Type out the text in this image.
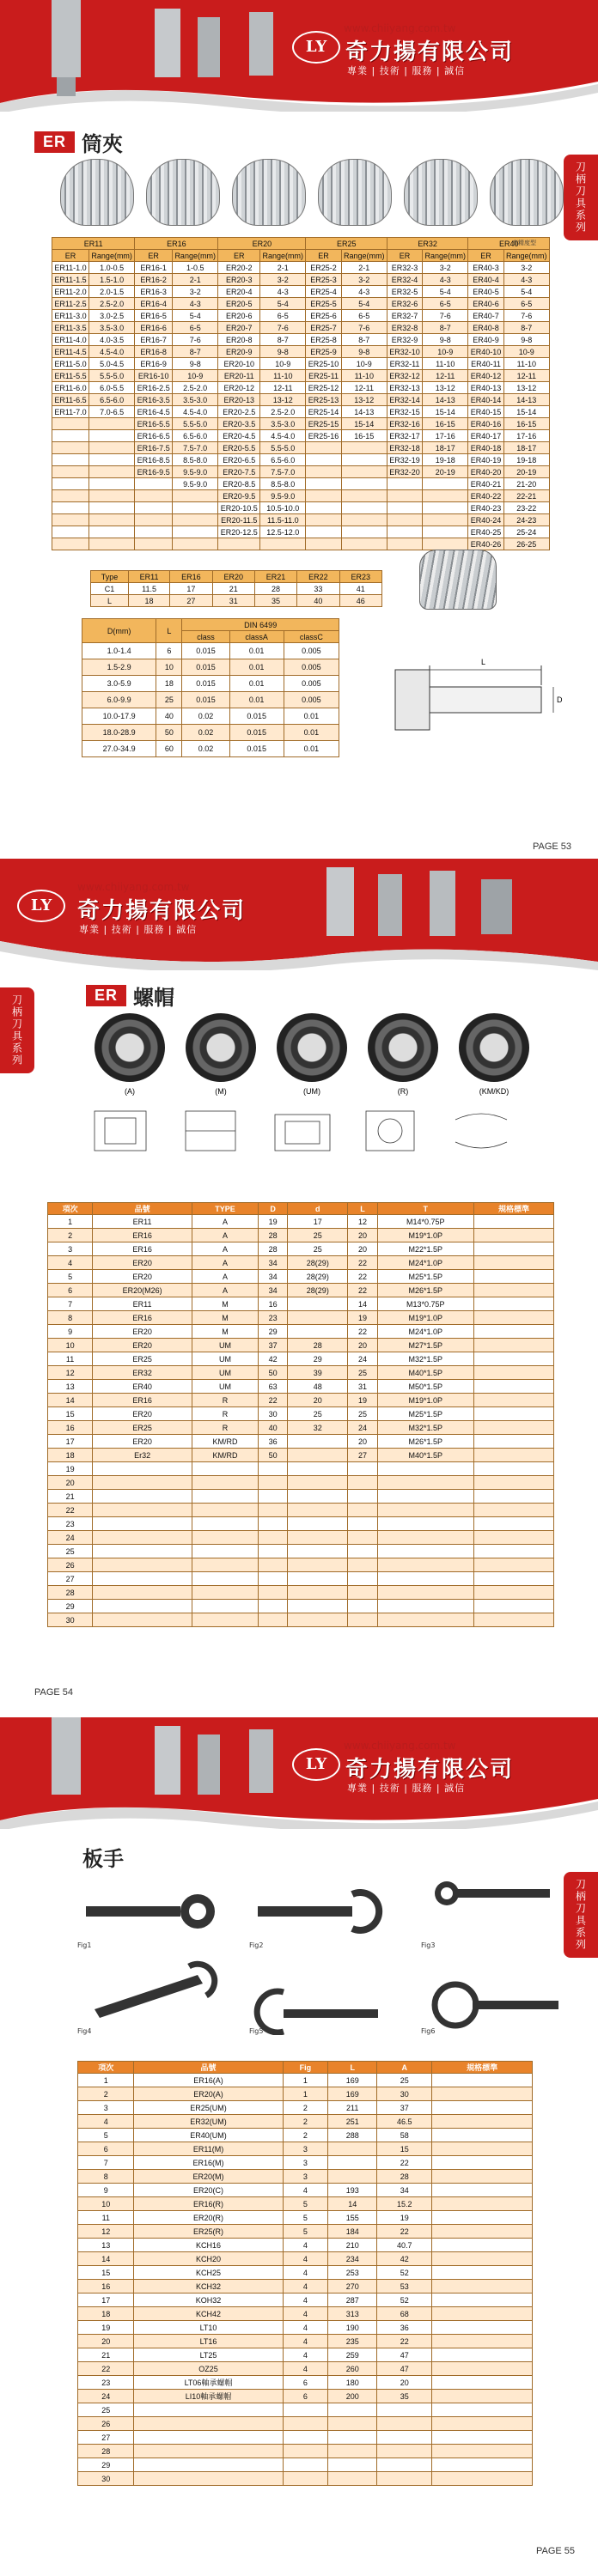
LY
www.chiiyang.com.tw
奇力揚有限公司
專業 | 技術 | 服務 | 誠信
刀柄刀具系列
ER 筒夾
ER11		ER16		ER20		ER25		ER32		ER40	
ER	Range(mm)	ER	Range(mm)	ER	Range(mm)	ER	Range(mm)	ER	Range(mm)	ER	Range(mm)
ER11-1.0	1.0-0.5	ER16-1	1-0.5	ER20-2	2-1	ER25-2	2-1	ER32-3	3-2	ER40-3	3-2
ER11-1.5	1.5-1.0	ER16-2	2-1	ER20-3	3-2	ER25-3	3-2	ER32-4	4-3	ER40-4	4-3
ER11-2.0	2.0-1.5	ER16-3	3-2	ER20-4	4-3	ER25-4	4-3	ER32-5	5-4	ER40-5	5-4
ER11-2.5	2.5-2.0	ER16-4	4-3	ER20-5	5-4	ER25-5	5-4	ER32-6	6-5	ER40-6	6-5
ER11-3.0	3.0-2.5	ER16-5	5-4	ER20-6	6-5	ER25-6	6-5	ER32-7	7-6	ER40-7	7-6
ER11-3.5	3.5-3.0	ER16-6	6-5	ER20-7	7-6	ER25-7	7-6	ER32-8	8-7	ER40-8	8-7
ER11-4.0	4.0-3.5	ER16-7	7-6	ER20-8	8-7	ER25-8	8-7	ER32-9	9-8	ER40-9	9-8
ER11-4.5	4.5-4.0	ER16-8	8-7	ER20-9	9-8	ER25-9	9-8	ER32-10	10-9	ER40-10	10-9
ER11-5.0	5.0-4.5	ER16-9	9-8	ER20-10	10-9	ER25-10	10-9	ER32-11	11-10	ER40-11	11-10
ER11-5.5	5.5-5.0	ER16-10	10-9	ER20-11	11-10	ER25-11	11-10	ER32-12	12-11	ER40-12	12-11
ER11-6.0	6.0-5.5	ER16-2.5	2.5-2.0	ER20-12	12-11	ER25-12	12-11	ER32-13	13-12	ER40-13	13-12
ER11-6.5	6.5-6.0	ER16-3.5	3.5-3.0	ER20-13	13-12	ER25-13	13-12	ER32-14	14-13	ER40-14	14-13
ER11-7.0	7.0-6.5	ER16-4.5	4.5-4.0	ER20-2.5	2.5-2.0	ER25-14	14-13	ER32-15	15-14	ER40-15	15-14
		ER16-5.5	5.5-5.0	ER20-3.5	3.5-3.0	ER25-15	15-14	ER32-16	16-15	ER40-16	16-15
		ER16-6.5	6.5-6.0	ER20-4.5	4.5-4.0	ER25-16	16-15	ER32-17	17-16	ER40-17	17-16
		ER16-7.5	7.5-7.0	ER20-5.5	5.5-5.0			ER32-18	18-17	ER40-18	18-17
		ER16-8.5	8.5-8.0	ER20-6.5	6.5-6.0			ER32-19	19-18	ER40-19	19-18
		ER16-9.5	9.5-9.0	ER20-7.5	7.5-7.0			ER32-20	20-19	ER40-20	20-19
			9.5-9.0	ER20-8.5	8.5-8.0					ER40-21	21-20
				ER20-9.5	9.5-9.0					ER40-22	22-21
				ER20-10.5	10.5-10.0					ER40-23	23-22
				ER20-11.5	11.5-11.0					ER40-24	24-23
				ER20-12.5	12.5-12.0					ER40-25	25-24
										ER40-26	26-25
高精度型
Type	ER11	ER16	ER20	ER21	ER22	ER23
C1	11.5	17	21	28	33	41
L	18	27	31	35	40	46
D(mm)	L	DIN 6499		
		class	classA	classC
1.0-1.4	6	0.015	0.01	0.005
1.5-2.9	10	0.015	0.01	0.005
3.0-5.9	18	0.015	0.01	0.005
6.0-9.9	25	0.015	0.01	0.005
10.0-17.9	40	0.02	0.015	0.01
18.0-28.9	50	0.02	0.015	0.01
27.0-34.9	60	0.02	0.015	0.01
L
D
PAGE 53
LY
www.chiiyang.com.tw
奇力揚有限公司
專業 | 技術 | 服務 | 誠信
刀柄刀具系列	ER 螺帽
(A)	(M)	(UM)	(R)	(KM/KD)
項次	品號	TYPE	D	d	L	T	規格標準
1	ER11	A	19	17	12	M14*0.75P	
2	ER16	A	28	25	20	M19*1.0P	
3	ER16	A	28	25	20	M22*1.5P	
4	ER20	A	34	28(29)	22	M24*1.0P	
5	ER20	A	34	28(29)	22	M25*1.5P	
6	ER20(M26)	A	34	28(29)	22	M26*1.5P	
7	ER11	M	16		14	M13*0.75P	
8	ER16	M	23		19	M19*1.0P	
9	ER20	M	29		22	M24*1.0P	
10	ER20	UM	37	28	20	M27*1.5P	
11	ER25	UM	42	29	24	M32*1.5P	
12	ER32	UM	50	39	25	M40*1.5P	
13	ER40	UM	63	48	31	M50*1.5P	
14	ER16	R	22	20	19	M19*1.0P	
15	ER20	R	30	25	25	M25*1.5P	
16	ER25	R	40	32	24	M32*1.5P	
17	ER20	KM/RD	36		20	M26*1.5P	
18	Er32	KM/RD	50		27	M40*1.5P	
19							
20							
21							
22							
23							
24							
25							
26							
27							
28							
29							
30							
PAGE 54
LY
www.chiiyang.com.tw
奇力揚有限公司
專業 | 技術 | 服務 | 誠信
刀柄刀具系列
板手
Fig1	Fig2	Fig3
Fig4	Fig5	Fig6
項次	品號	Fig	L	A	規格標準
1	ER16(A)	1	169	25	
2	ER20(A)	1	169	30	
3	ER25(UM)	2	211	37	
4	ER32(UM)	2	251	46.5	
5	ER40(UM)	2	288	58	
6	ER11(M)	3		15	
7	ER16(M)	3		22	
8	ER20(M)	3		28	
9	ER20(C)	4	193	34	
10	ER16(R)	5	14	15.2	
11	ER20(R)	5	155	19	
12	ER25(R)	5	184	22	
13	KCH16	4	210	40.7	
14	KCH20	4	234	42	
15	KCH25	4	253	52	
16	KCH32	4	270	53	
17	KOH32	4	287	52	
18	KCH42	4	313	68	
19	LT10	4	190	36	
20	LT16	4	235	22	
21	LT25	4	259	47	
22	OZ25	4	260	47	
23	LT06軸承螺帽	6	180	20	
24	LI10軸承螺帽	6	200	35	
25					
26					
27					
28					
29					
30					
PAGE 55
